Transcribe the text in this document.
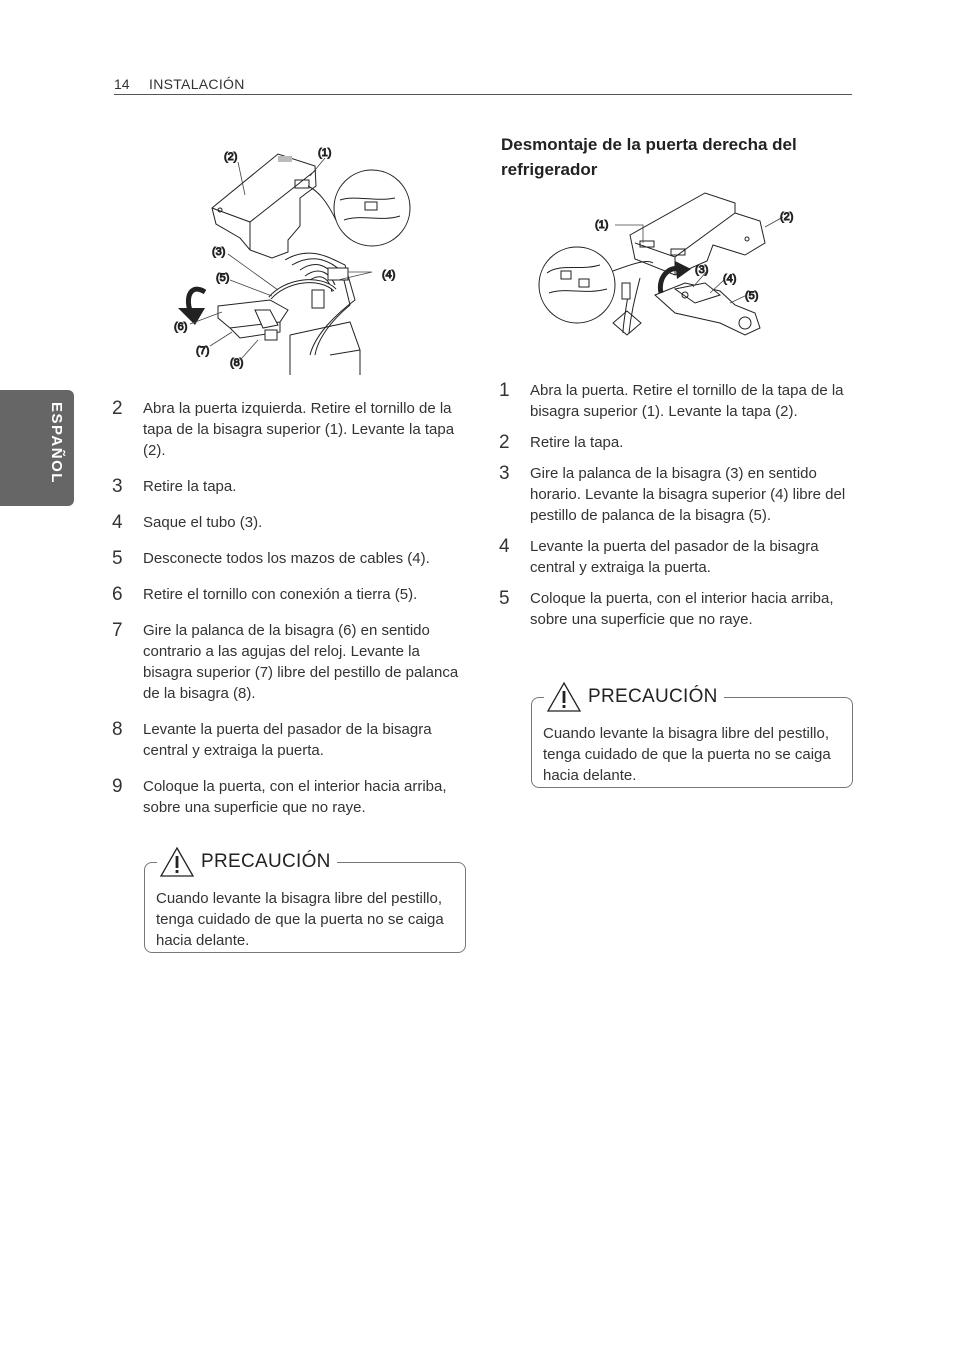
14 INSTALACIÓN
ESPAÑOL
(2)	(1)
(3)
(5)	(4)
(6)
(7)
(8)
2 Abra la puerta izquierda. Retire el tornillo de la tapa de la bisagra superior (1). Levante la tapa (2).
3 Retire la tapa.
4 Saque el tubo (3).
5 Desconecte todos los mazos de cables (4).
6 Retire el tornillo con conexión a tierra (5).
7 Gire la palanca de la bisagra (6) en sentido contrario a las agujas del reloj. Levante la bisagra superior (7) libre del pestillo de palanca de la bisagra (8).
8 Levante la puerta del pasador de la bisagra central y extraiga la puerta.
9 Coloque la puerta, con el interior hacia arriba, sobre una superficie que no raye.
PRECAUCIÓN
Cuando levante la bisagra libre del pestillo, tenga cuidado de que la puerta no se caiga hacia delante.
Desmontaje de la puerta derecha del refrigerador
(1)
(2)
(3)
(4)
(5)
1 Abra la puerta. Retire el tornillo de la tapa de la bisagra superior (1). Levante la tapa (2).
2 Retire la tapa.
3 Gire la palanca de la bisagra (3) en sentido horario. Levante la bisagra superior (4) libre del pestillo de palanca de la bisagra (5).
4 Levante la puerta del pasador de la bisagra central y extraiga la puerta.
5 Coloque la puerta, con el interior hacia arriba, sobre una superficie que no raye.
PRECAUCIÓN
Cuando levante la bisagra libre del pestillo, tenga cuidado de que la puerta no se caiga hacia delante.
